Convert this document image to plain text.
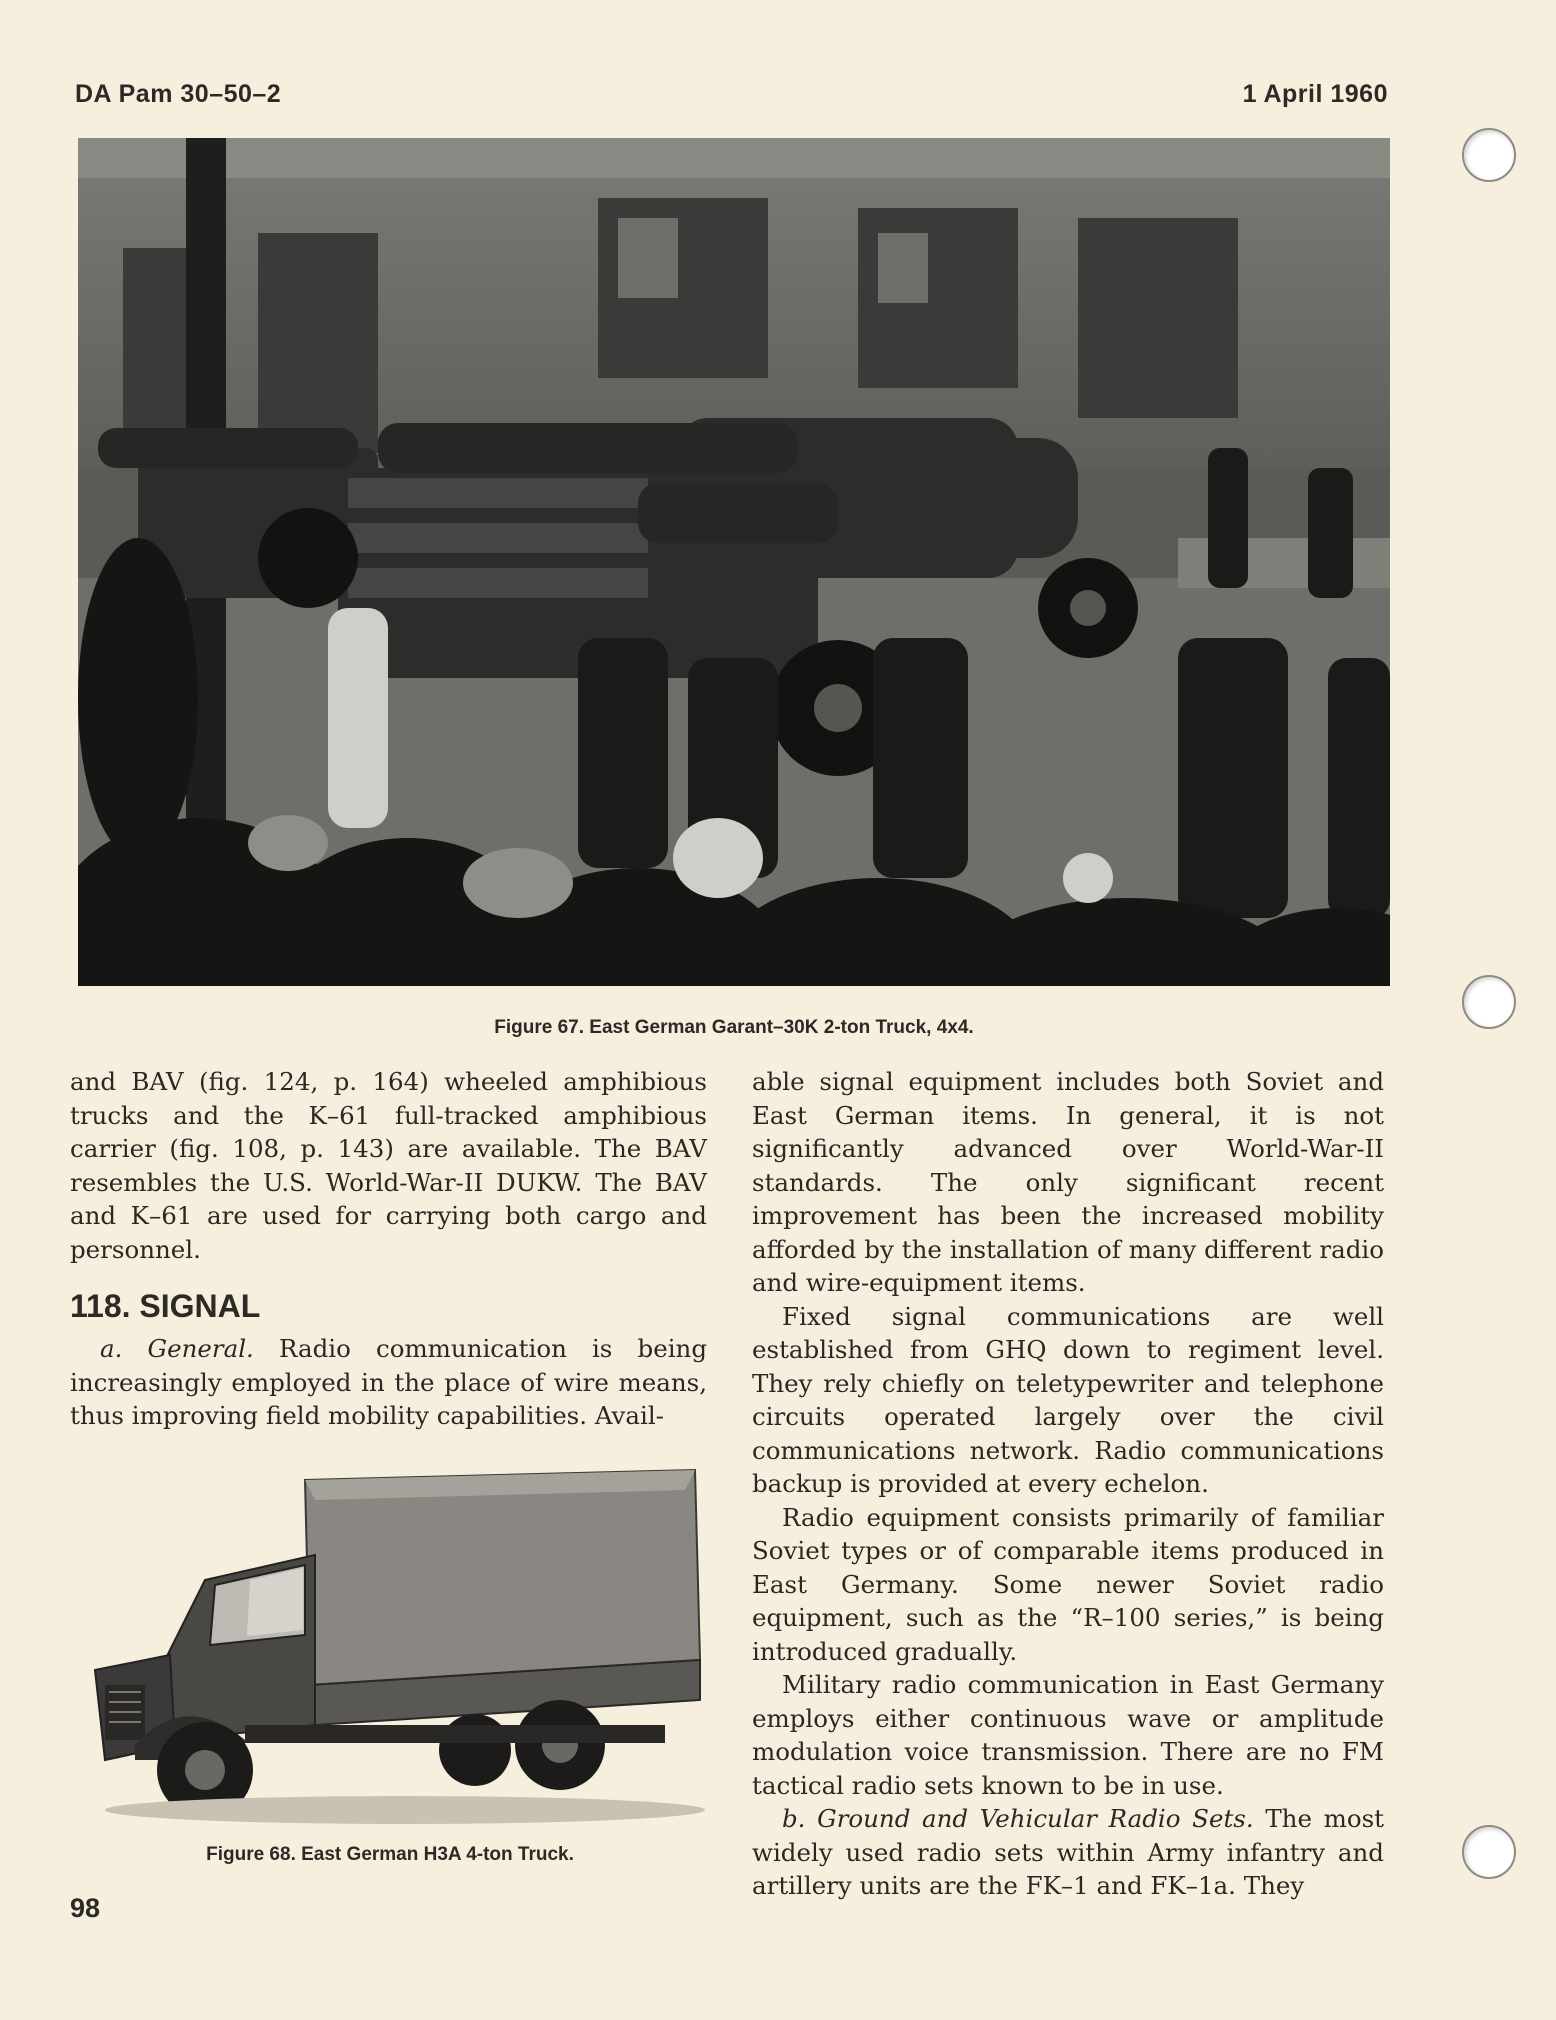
DA Pam 30–50–2	1 April 1960
Figure 67. East German Garant–30K 2-ton Truck, 4x4.

and BAV (fig. 124, p. 164) wheeled amphibious trucks and the K–61 full-tracked amphibious carrier (fig. 108, p. 143) are available. The BAV resembles the U.S. World-War-II DUKW. The BAV and K–61 are used for carrying both cargo and personnel.

118. SIGNAL

a. General. Radio communication is being increasingly employed in the place of wire means, thus improving field mobility capabilities. Avail-

Figure 68. East German H3A 4-ton Truck.

able signal equipment includes both Soviet and East German items. In general, it is not significantly advanced over World-War-II standards. The only significant recent improvement has been the increased mobility afforded by the installation of many different radio and wire-equipment items.

Fixed signal communications are well established from GHQ down to regiment level. They rely chiefly on teletypewriter and telephone circuits operated largely over the civil communications network. Radio communications backup is provided at every echelon.

Radio equipment consists primarily of familiar Soviet types or of comparable items produced in East Germany. Some newer Soviet radio equipment, such as the “R–100 series,” is being introduced gradually.

Military radio communication in East Germany employs either continuous wave or amplitude modulation voice transmission. There are no FM tactical radio sets known to be in use.

b. Ground and Vehicular Radio Sets. The most widely used radio sets within Army infantry and artillery units are the FK–1 and FK–1a. They

98
